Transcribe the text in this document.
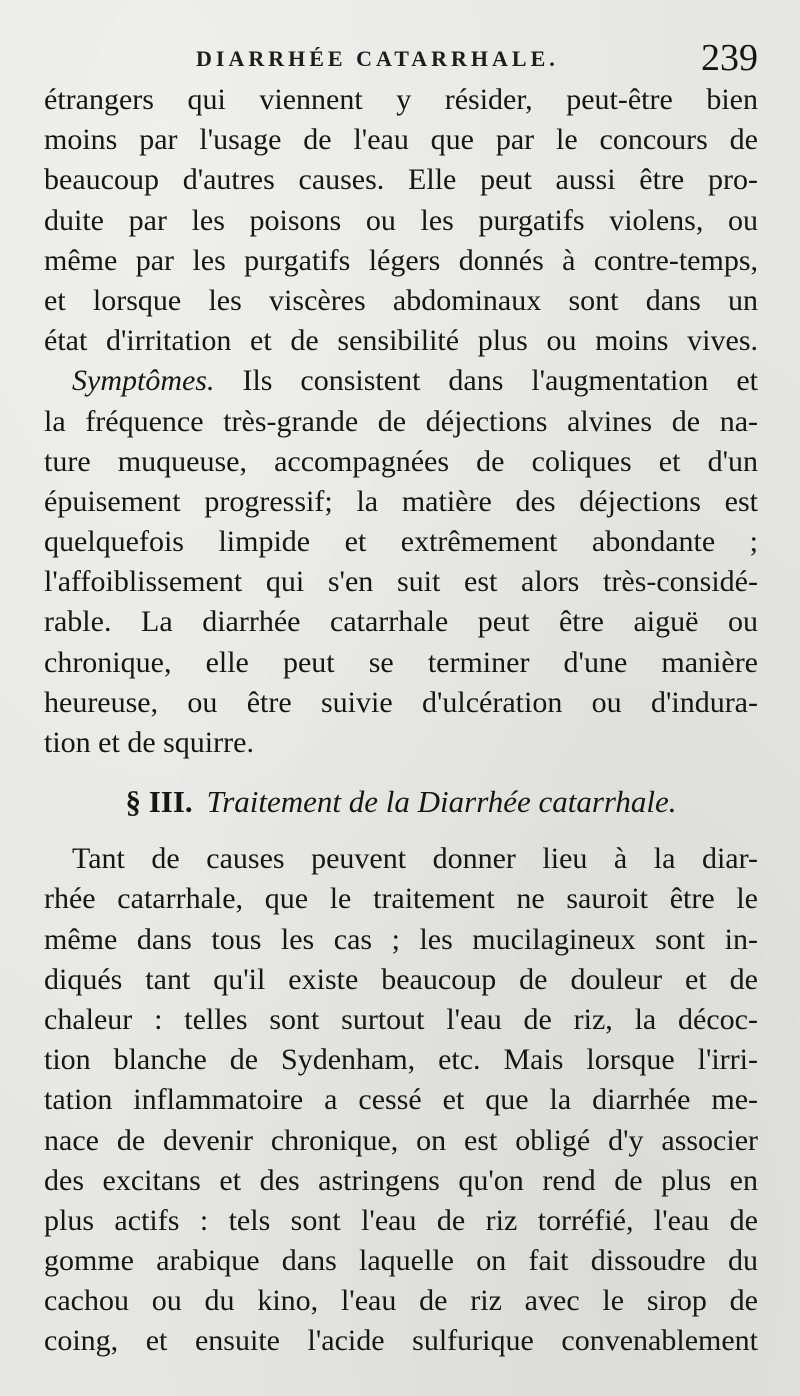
DIARRHÉE CATARRHALE.	239
étrangers qui viennent y résider, peut-être bien
moins par l'usage de l'eau que par le concours de
beaucoup d'autres causes. Elle peut aussi être pro-
duite par les poisons ou les purgatifs violens, ou
même par les purgatifs légers donnés à contre-temps,
et lorsque les viscères abdominaux sont dans un
état d'irritation et de sensibilité plus ou moins vives.
Symptômes. Ils consistent dans l'augmentation et
la fréquence très-grande de déjections alvines de na-
ture muqueuse, accompagnées de coliques et d'un
épuisement progressif; la matière des déjections est
quelquefois limpide et extrêmement abondante ;
l'affoiblissement qui s'en suit est alors très-considé-
rable. La diarrhée catarrhale peut être aiguë ou
chronique, elle peut se terminer d'une manière
heureuse, ou être suivie d'ulcération ou d'indura-
tion et de squirre.
§ III. Traitement de la Diarrhée catarrhale.
Tant de causes peuvent donner lieu à la diar-
rhée catarrhale, que le traitement ne sauroit être le
même dans tous les cas ; les mucilagineux sont in-
diqués tant qu'il existe beaucoup de douleur et de
chaleur : telles sont surtout l'eau de riz, la décoc-
tion blanche de Sydenham, etc. Mais lorsque l'irri-
tation inflammatoire a cessé et que la diarrhée me-
nace de devenir chronique, on est obligé d'y associer
des excitans et des astringens qu'on rend de plus en
plus actifs : tels sont l'eau de riz torréfié, l'eau de
gomme arabique dans laquelle on fait dissoudre du
cachou ou du kino, l'eau de riz avec le sirop de
coing, et ensuite l'acide sulfurique convenablement
